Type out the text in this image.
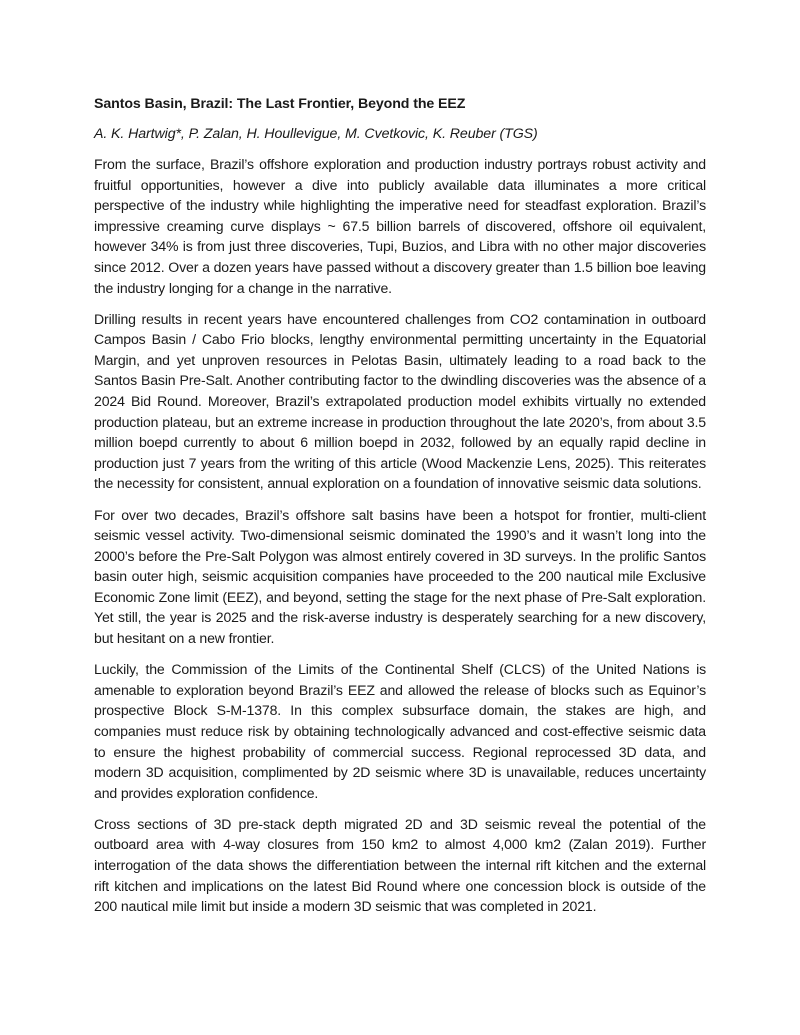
Santos Basin, Brazil: The Last Frontier, Beyond the EEZ
A. K. Hartwig*, P. Zalan, H. Houllevigue, M. Cvetkovic, K. Reuber (TGS)

From the surface, Brazil’s offshore exploration and production industry portrays robust activity and fruitful opportunities, however a dive into publicly available data illuminates a more critical perspective of the industry while highlighting the imperative need for steadfast exploration. Brazil’s impressive creaming curve displays ~ 67.5 billion barrels of discovered, offshore oil equivalent, however 34% is from just three discoveries, Tupi, Buzios, and Libra with no other major discoveries since 2012. Over a dozen years have passed without a discovery greater than 1.5 billion boe leaving the industry longing for a change in the narrative.

Drilling results in recent years have encountered challenges from CO2 contamination in outboard Campos Basin / Cabo Frio blocks, lengthy environmental permitting uncertainty in the Equatorial Margin, and yet unproven resources in Pelotas Basin, ultimately leading to a road back to the Santos Basin Pre-Salt. Another contributing factor to the dwindling discoveries was the absence of a 2024 Bid Round. Moreover, Brazil’s extrapolated production model exhibits virtually no extended production plateau, but an extreme increase in production throughout the late 2020’s, from about 3.5 million boepd currently to about 6 million boepd in 2032, followed by an equally rapid decline in production just 7 years from the writing of this article (Wood Mackenzie Lens, 2025). This reiterates the necessity for consistent, annual exploration on a foundation of innovative seismic data solutions.

For over two decades, Brazil’s offshore salt basins have been a hotspot for frontier, multi-client seismic vessel activity. Two-dimensional seismic dominated the 1990’s and it wasn’t long into the 2000’s before the Pre-Salt Polygon was almost entirely covered in 3D surveys. In the prolific Santos basin outer high, seismic acquisition companies have proceeded to the 200 nautical mile Exclusive Economic Zone limit (EEZ), and beyond, setting the stage for the next phase of Pre-Salt exploration. Yet still, the year is 2025 and the risk-averse industry is desperately searching for a new discovery, but hesitant on a new frontier.

Luckily, the Commission of the Limits of the Continental Shelf (CLCS) of the United Nations is amenable to exploration beyond Brazil’s EEZ and allowed the release of blocks such as Equinor’s prospective Block S-M-1378. In this complex subsurface domain, the stakes are high, and companies must reduce risk by obtaining technologically advanced and cost-effective seismic data to ensure the highest probability of commercial success. Regional reprocessed 3D data, and modern 3D acquisition, complimented by 2D seismic where 3D is unavailable, reduces uncertainty and provides exploration confidence.

Cross sections of 3D pre-stack depth migrated 2D and 3D seismic reveal the potential of the outboard area with 4-way closures from 150 km2 to almost 4,000 km2 (Zalan 2019). Further interrogation of the data shows the differentiation between the internal rift kitchen and the external rift kitchen and implications on the latest Bid Round where one concession block is outside of the 200 nautical mile limit but inside a modern 3D seismic that was completed in 2021.
